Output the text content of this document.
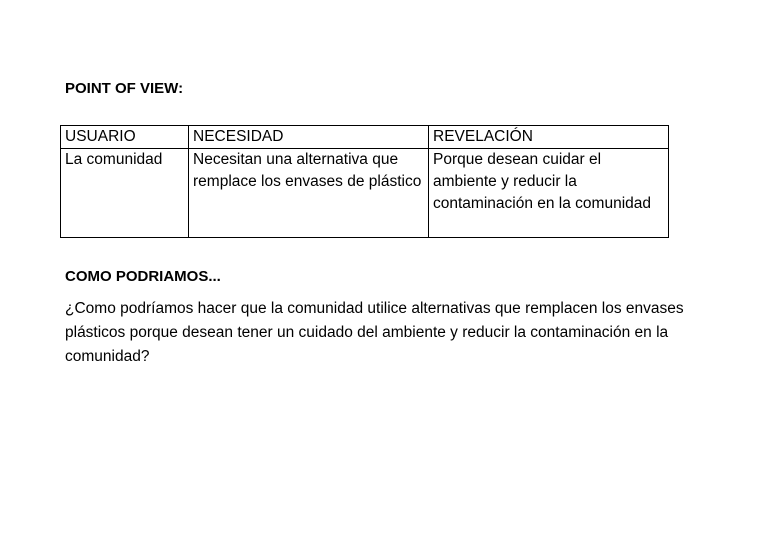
POINT OF VIEW:
USUARIO	NECESIDAD	REVELACIÓN
La comunidad	Necesitan una alternativa que remplace los envases de plástico	Porque desean cuidar el ambiente y reducir la contaminación en la comunidad
COMO PODRIAMOS...

¿Como podríamos hacer que la comunidad utilice alternativas que remplacen los envases plásticos porque desean tener un cuidado del ambiente y reducir la contaminación en la comunidad?
